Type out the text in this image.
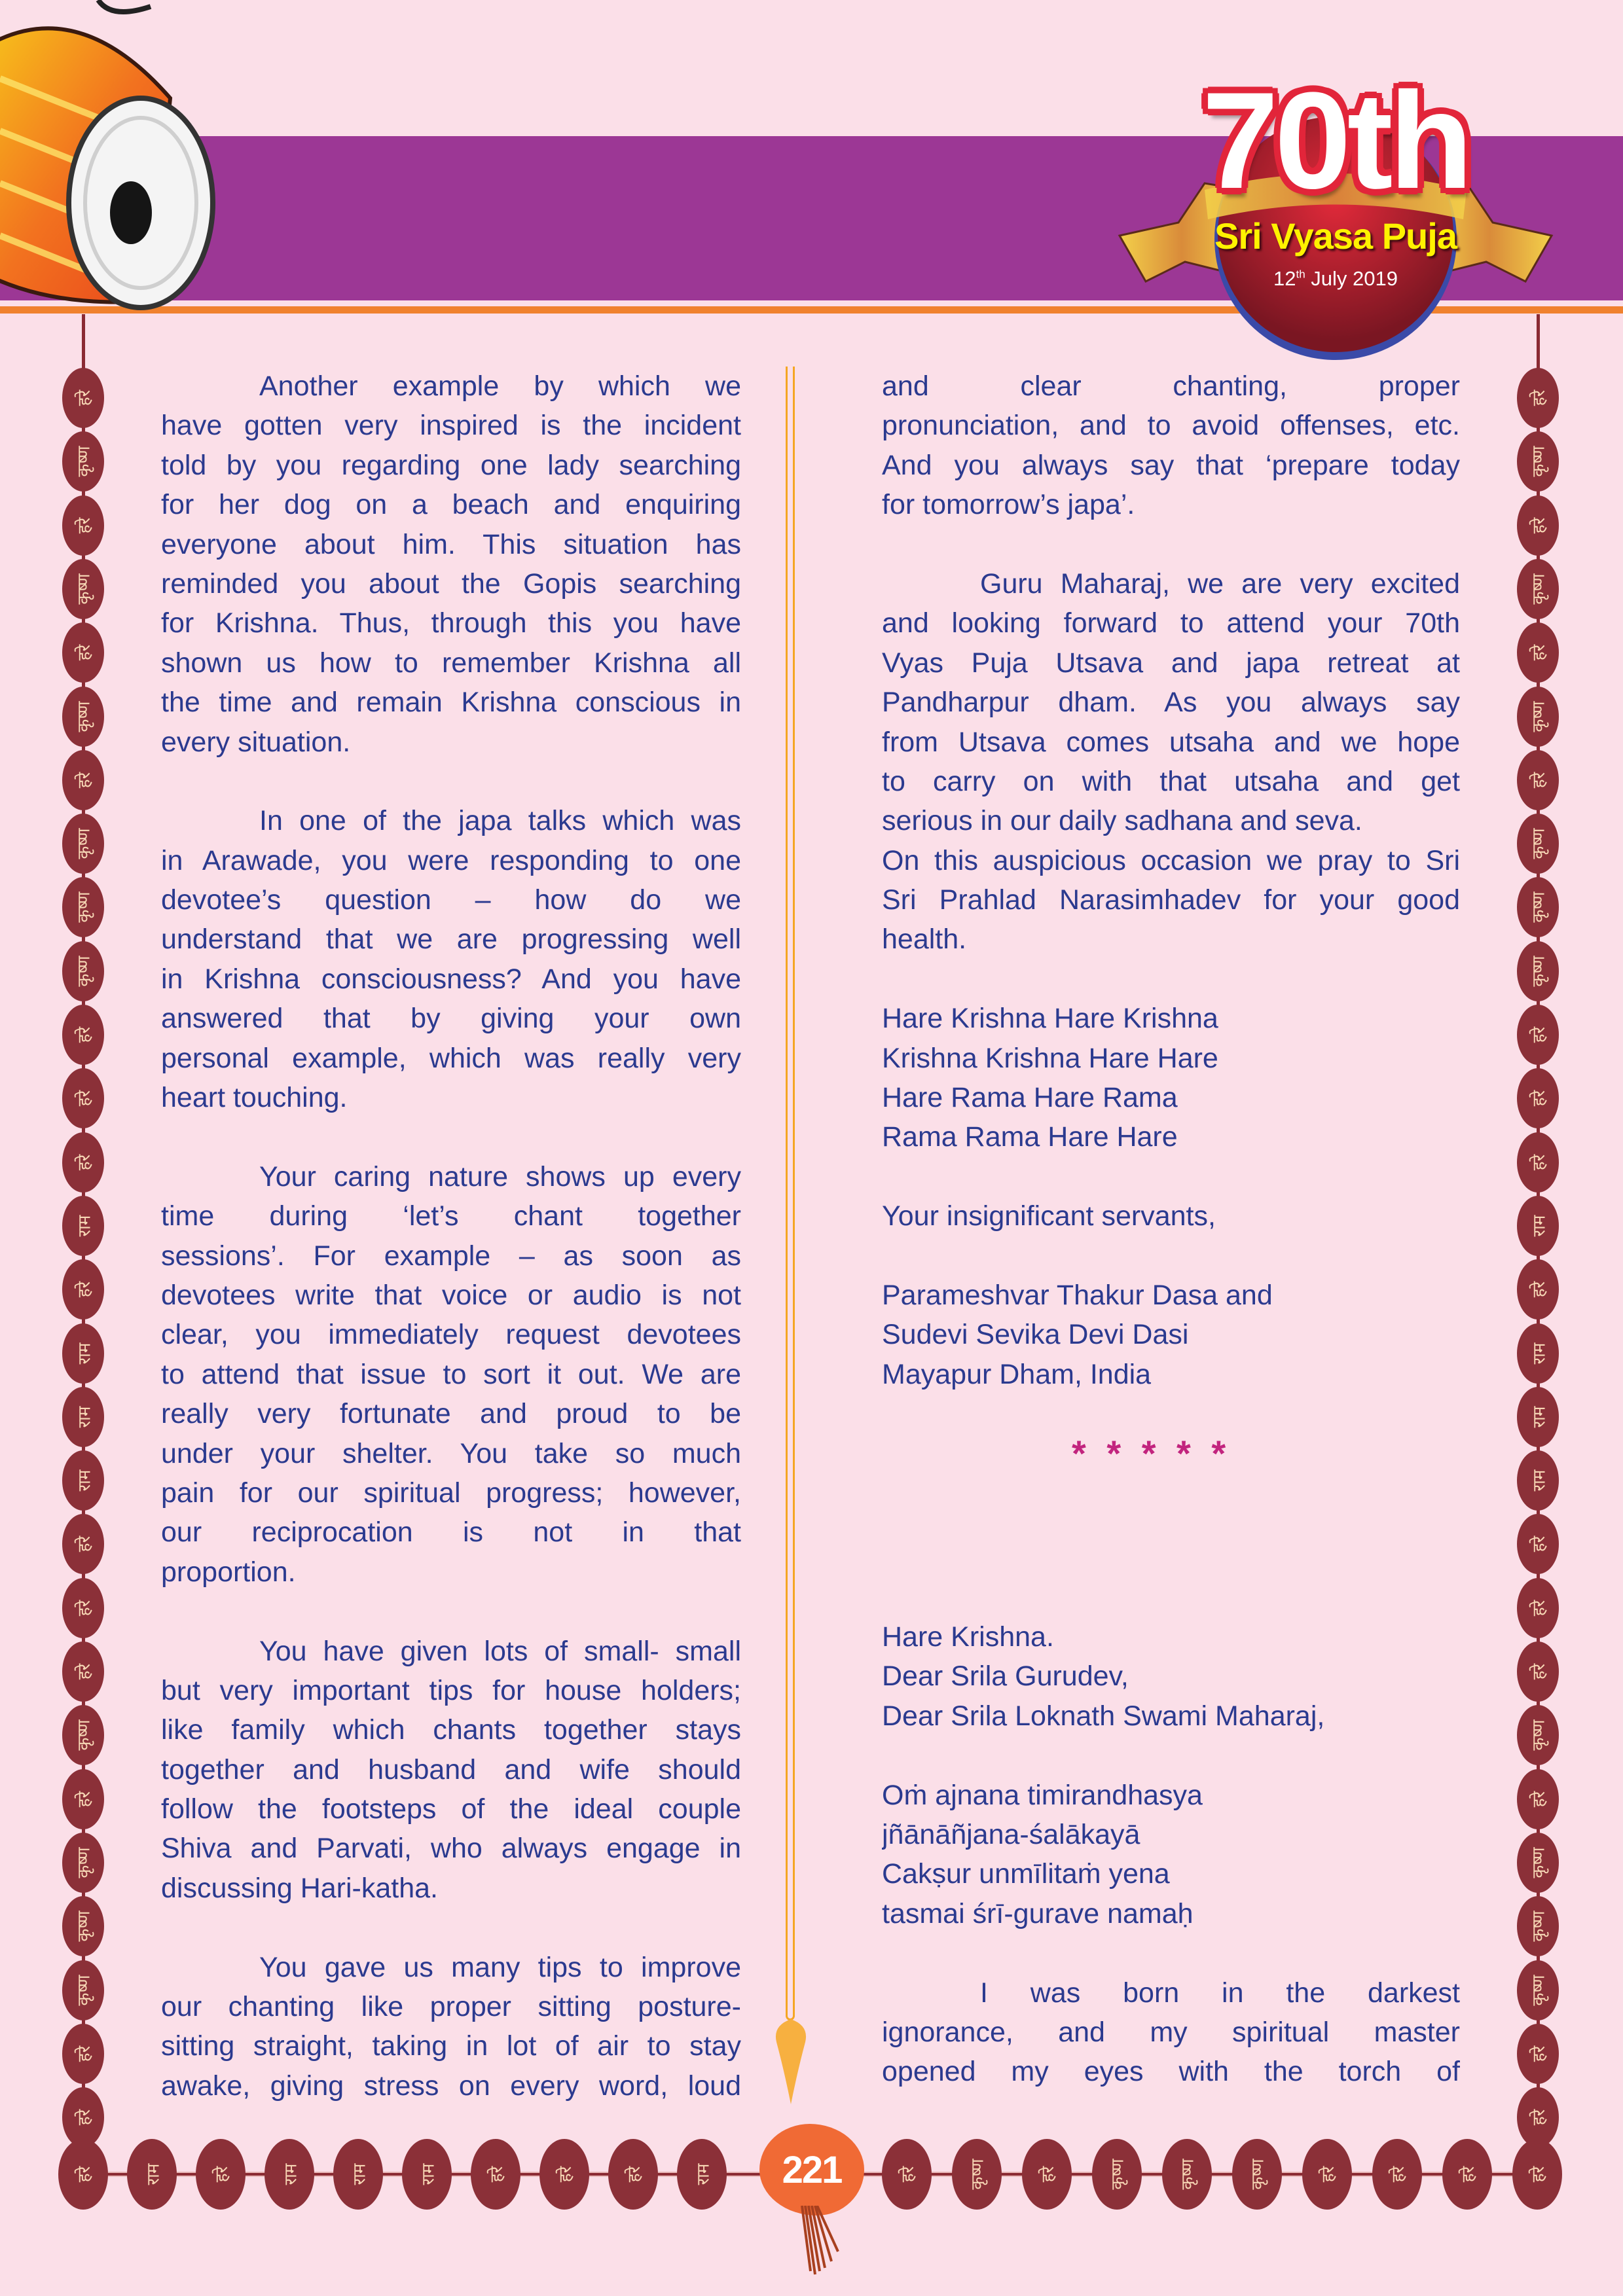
70th
Sri Vyasa Puja
12th July 2019
Another example by which we
have gotten very inspired is the incident
told by you regarding one lady searching
for her dog on a beach and enquiring
everyone about him. This situation has
reminded you about the Gopis searching
for Krishna. Thus, through this you have
shown us how to remember Krishna all
the time and remain Krishna conscious in
every situation.
In one of the japa talks which was
in Arawade, you were responding to one
devotee’s question – how do we
understand that we are progressing well
in Krishna consciousness? And you have
answered that by giving your own
personal example, which was really very
heart touching.
Your caring nature shows up every
time during ‘let’s chant together
sessions’. For example – as soon as
devotees write that voice or audio is not
clear, you immediately request devotees
to attend that issue to sort it out. We are
really very fortunate and proud to be
under your shelter. You take so much
pain for our spiritual progress; however,
our reciprocation is not in that
proportion.
You have given lots of small- small
but very important tips for house holders;
like family which chants together stays
together and husband and wife should
follow the footsteps of the ideal couple
Shiva and Parvati, who always engage in
discussing Hari-katha.
You gave us many tips to improve
our chanting like proper sitting posture-
sitting straight, taking in lot of air to stay
awake, giving stress on every word, loud
and clear chanting, proper
pronunciation, and to avoid offenses, etc.
And you always say that ‘prepare today
for tomorrow’s japa’.
Guru Maharaj, we are very excited
and looking forward to attend your 70th
Vyas Puja Utsava and japa retreat at
Pandharpur dham. As you always say
from Utsava comes utsaha and we hope
to carry on with that utsaha and get
serious in our daily sadhana and seva.
On this auspicious occasion we pray to Sri
Sri Prahlad Narasimhadev for your good
health.
Hare Krishna Hare Krishna
Krishna Krishna Hare Hare
Hare Rama Hare Rama
Rama Rama Hare Hare
Your insignificant servants,
Parameshvar Thakur Dasa and
Sudevi Sevika Devi Dasi
Mayapur Dham, India
* * * * *
Hare Krishna.
Dear Srila Gurudev,
Dear Srila Loknath Swami Maharaj,
Oṁ ajnana timirandhasya
jñānāñjana-śalākayā
Cakṣur unmīlitaṁ yena
tasmai śrī-gurave namaḥ
I was born in the darkest
ignorance, and my spiritual master
opened my eyes with the torch of
हरे
कृष्ण
हरे
कृष्ण
हरे
कृष्ण
हरे
कृष्ण
कृष्ण
कृष्ण
हरे
हरे
हरे
राम
हरे
राम
राम
राम
हरे
हरे
हरे
कृष्ण
हरे
कृष्ण
कृष्ण
कृष्ण
हरे
हरे
हरे
कृष्ण
हरे
कृष्ण
हरे
कृष्ण
हरे
कृष्ण
कृष्ण
कृष्ण
हरे
हरे
हरे
राम
हरे
राम
राम
राम
हरे
हरे
हरे
कृष्ण
हरे
कृष्ण
कृष्ण
कृष्ण
हरे
हरे
हरे	राम	हरे	राम	राम	राम	हरे	हरे	हरे	राम	हरे	कृष्ण	हरे	कृष्ण	कृष्ण	कृष्ण	हरे	हरे	हरे	हरे
221
